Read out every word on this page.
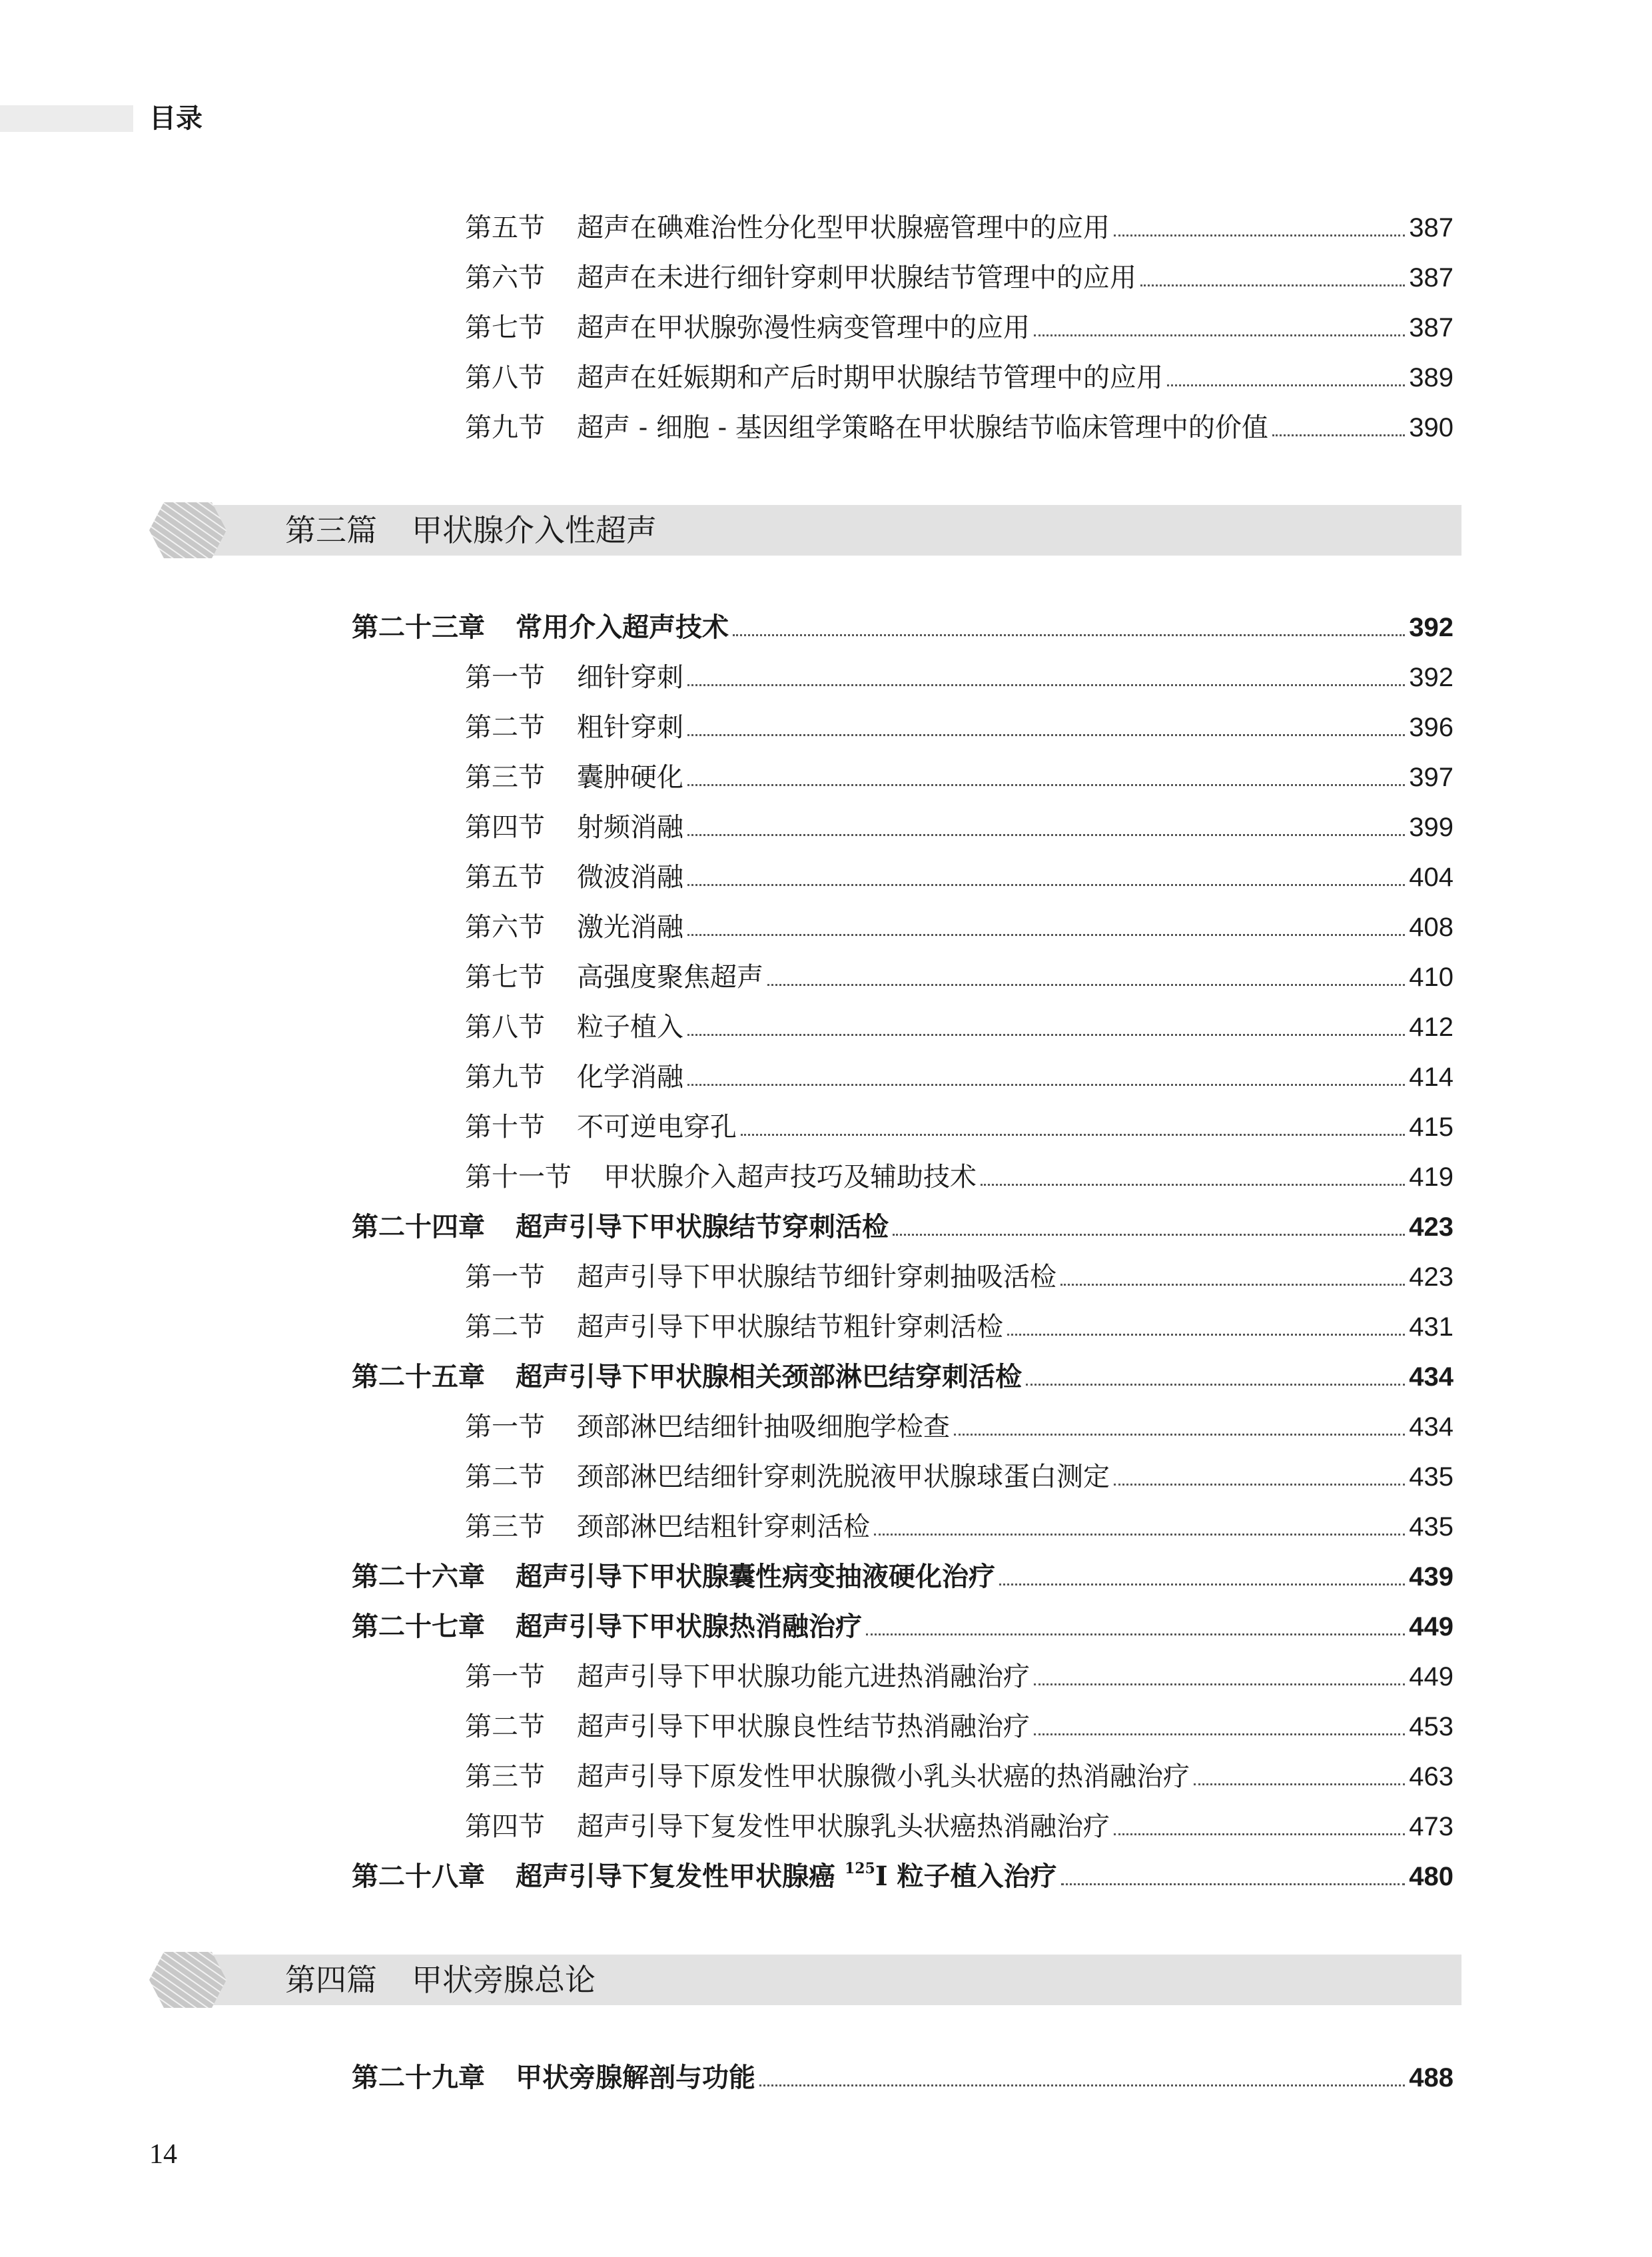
目录
第五节 超声在碘难治性分化型甲状腺癌管理中的应用	387
第六节 超声在未进行细针穿刺甲状腺结节管理中的应用	387
第七节 超声在甲状腺弥漫性病变管理中的应用	387
第八节 超声在妊娠期和产后时期甲状腺结节管理中的应用	389
第九节 超声 - 细胞 - 基因组学策略在甲状腺结节临床管理中的价值	390
第三篇 甲状腺介入性超声
第二十三章 常用介入超声技术	392
第一节 细针穿刺	392
第二节 粗针穿刺	396
第三节 囊肿硬化	397
第四节 射频消融	399
第五节 微波消融	404
第六节 激光消融	408
第七节 高强度聚焦超声	410
第八节 粒子植入	412
第九节 化学消融	414
第十节 不可逆电穿孔	415
第十一节 甲状腺介入超声技巧及辅助技术	419
第二十四章 超声引导下甲状腺结节穿刺活检	423
第一节 超声引导下甲状腺结节细针穿刺抽吸活检	423
第二节 超声引导下甲状腺结节粗针穿刺活检	431
第二十五章 超声引导下甲状腺相关颈部淋巴结穿刺活检	434
第一节 颈部淋巴结细针抽吸细胞学检查	434
第二节 颈部淋巴结细针穿刺洗脱液甲状腺球蛋白测定	435
第三节 颈部淋巴结粗针穿刺活检	435
第二十六章 超声引导下甲状腺囊性病变抽液硬化治疗	439
第二十七章 超声引导下甲状腺热消融治疗	449
第一节 超声引导下甲状腺功能亢进热消融治疗	449
第二节 超声引导下甲状腺良性结节热消融治疗	453
第三节 超声引导下原发性甲状腺微小乳头状癌的热消融治疗	463
第四节 超声引导下复发性甲状腺乳头状癌热消融治疗	473
第二十八章 超声引导下复发性甲状腺癌 $^{125}$I 粒子植入治疗	480
第四篇 甲状旁腺总论
第二十九章 甲状旁腺解剖与功能	488
14
